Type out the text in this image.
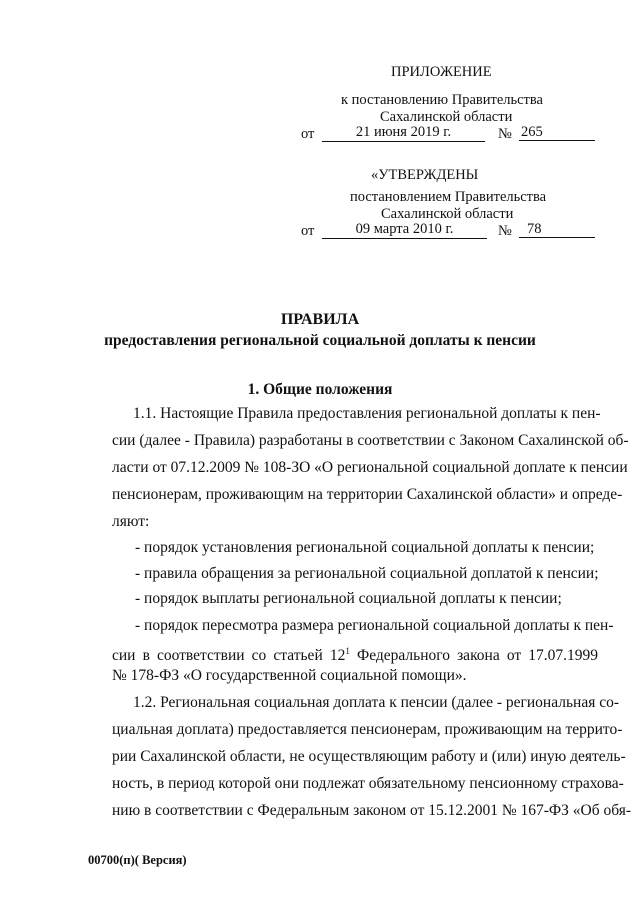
ПРИЛОЖЕНИЕ
к постановлению Правительства
Сахалинской области
от	21 июня 2019 г.	№ 265
«УТВЕРЖДЕНЫ
постановлением Правительства
Сахалинской области
от	09 марта 2010 г.	№	78
ПРАВИЛА
предоставления региональной социальной доплаты к пенсии
1. Общие положения
1.1. Настоящие Правила предоставления региональной доплаты к пен-
сии (далее - Правила) разработаны в соответствии с Законом Сахалинской об-
ласти от 07.12.2009 № 108-ЗО «О региональной социальной доплате к пенсии
пенсионерам, проживающим на территории Сахалинской области» и опреде-
ляют:
- порядок установления региональной социальной доплаты к пенсии;
- правила обращения за региональной социальной доплатой к пенсии;
- порядок выплаты региональной социальной доплаты к пенсии;
- порядок пересмотра размера региональной социальной доплаты к пен-
сии в соответствии со статьей $12^1$ Федерального закона от 17.07.1999
№ 178-ФЗ «О государственной социальной помощи».
1.2. Региональная социальная доплата к пенсии (далее - региональная со-
циальная доплата) предоставляется пенсионерам, проживающим на террито-
рии Сахалинской области, не осуществляющим работу и (или) иную деятель-
ность, в период которой они подлежат обязательному пенсионному страхова-
нию в соответствии с Федеральным законом от 15.12.2001 № 167-ФЗ «Об обя-
00700(п)( Версия)
